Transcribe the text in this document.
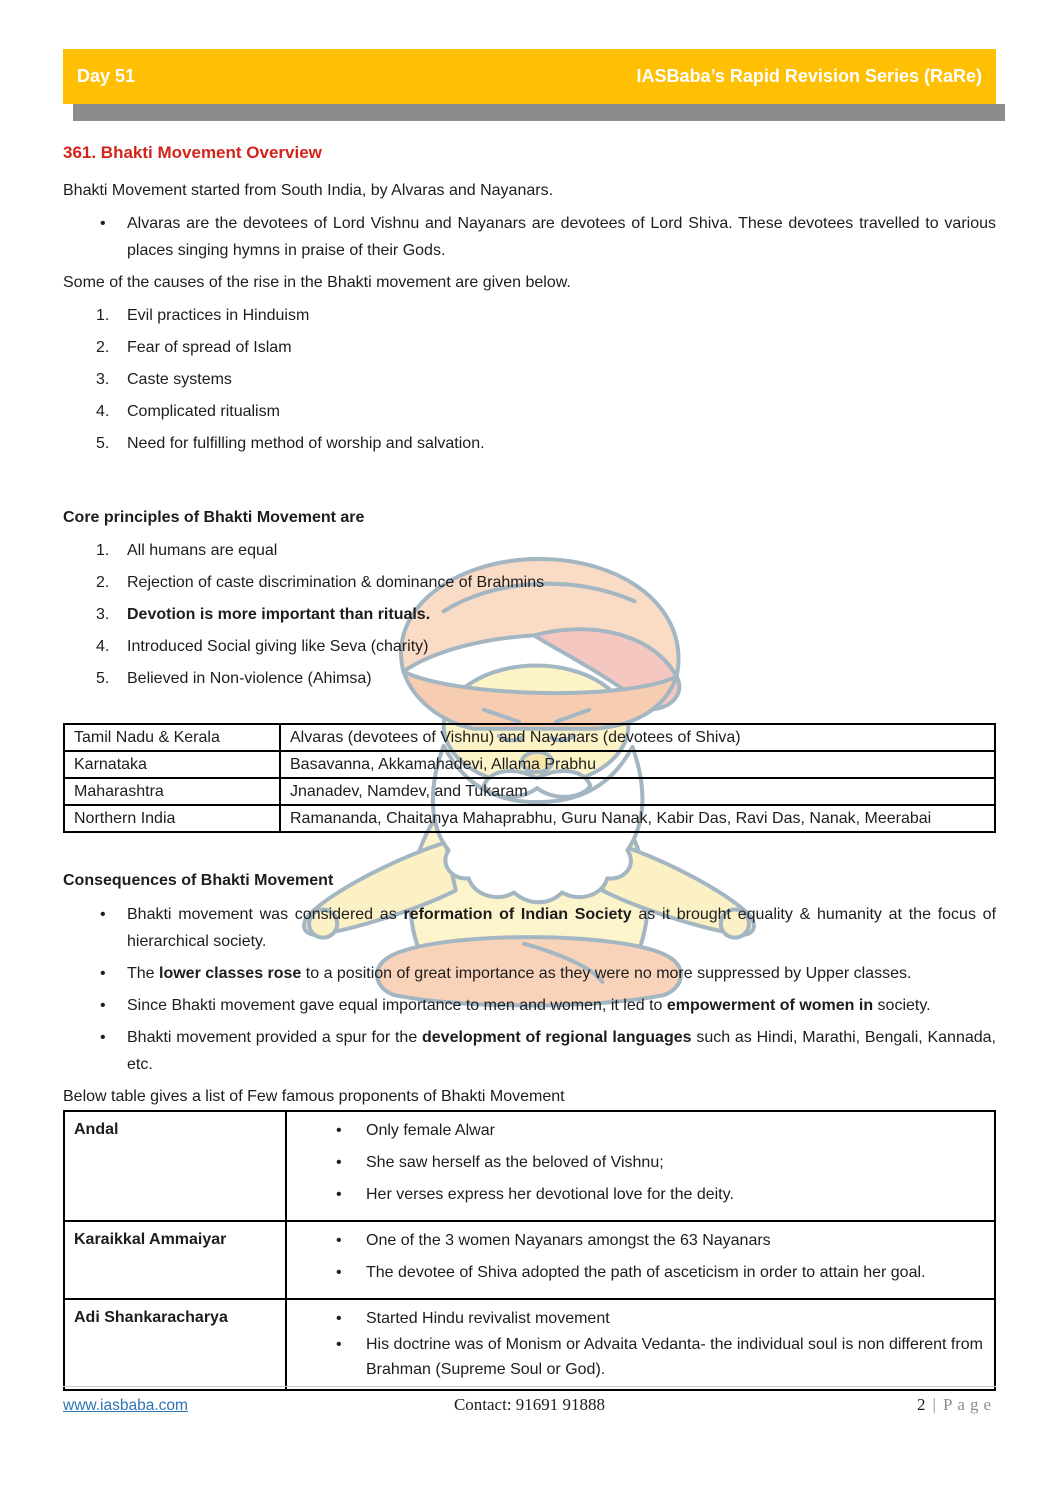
Day 51	IASBaba’s Rapid Revision Series (RaRe)
361. Bhakti Movement Overview

Bhakti Movement started from South India, by Alvaras and Nayanars.

• Alvaras are the devotees of Lord Vishnu and Nayanars are devotees of Lord Shiva. These devotees travelled to various places singing hymns in praise of their Gods.

Some of the causes of the rise in the Bhakti movement are given below.

Evil practices in Hinduism
Fear of spread of Islam
Caste systems
Complicated ritualism
Need for fulfilling method of worship and salvation.
Core principles of Bhakti Movement are
All humans are equal
Rejection of caste discrimination & dominance of Brahmins
Devotion is more important than rituals.
Introduced Social giving like Seva (charity)
Believed in Non-violence (Ahimsa)
Tamil Nadu & Kerala	Alvaras (devotees of Vishnu) and Nayanars (devotees of Shiva)
Karnataka	Basavanna, Akkamahadevi, Allama Prabhu
Maharashtra	Jnanadev, Namdev, and Tukaram
Northern India	Ramananda, Chaitanya Mahaprabhu, Guru Nanak, Kabir Das, Ravi Das, Nanak, Meerabai
Consequences of Bhakti Movement
• Bhakti movement was considered as reformation of Indian Society as it brought equality & humanity at the focus of hierarchical society.
• The lower classes rose to a position of great importance as they were no more suppressed by Upper classes.
• Since Bhakti movement gave equal importance to men and women, it led to empowerment of women in society.
• Bhakti movement provided a spur for the development of regional languages such as Hindi, Marathi, Bengali, Kannada, etc.

Below table gives a list of Few famous proponents of Bhakti Movement

Andal	
•Only female Alwar
• She saw herself as the beloved of Vishnu;
• Her verses express her devotional love for the deity.

Karaikkal Ammaiyar	
•One of the 3 women Nayanars amongst the 63 Nayanars
• The devotee of Shiva adopted the path of asceticism in order to attain her goal.

Adi Shankaracharya	
•Started Hindu revivalist movement
• His doctrine was of Monism or Advaita Vedanta- the individual soul is non different from Brahman (Supreme Soul or God).
www.iasbaba.com	Contact: 91691 91888	2 | Page
